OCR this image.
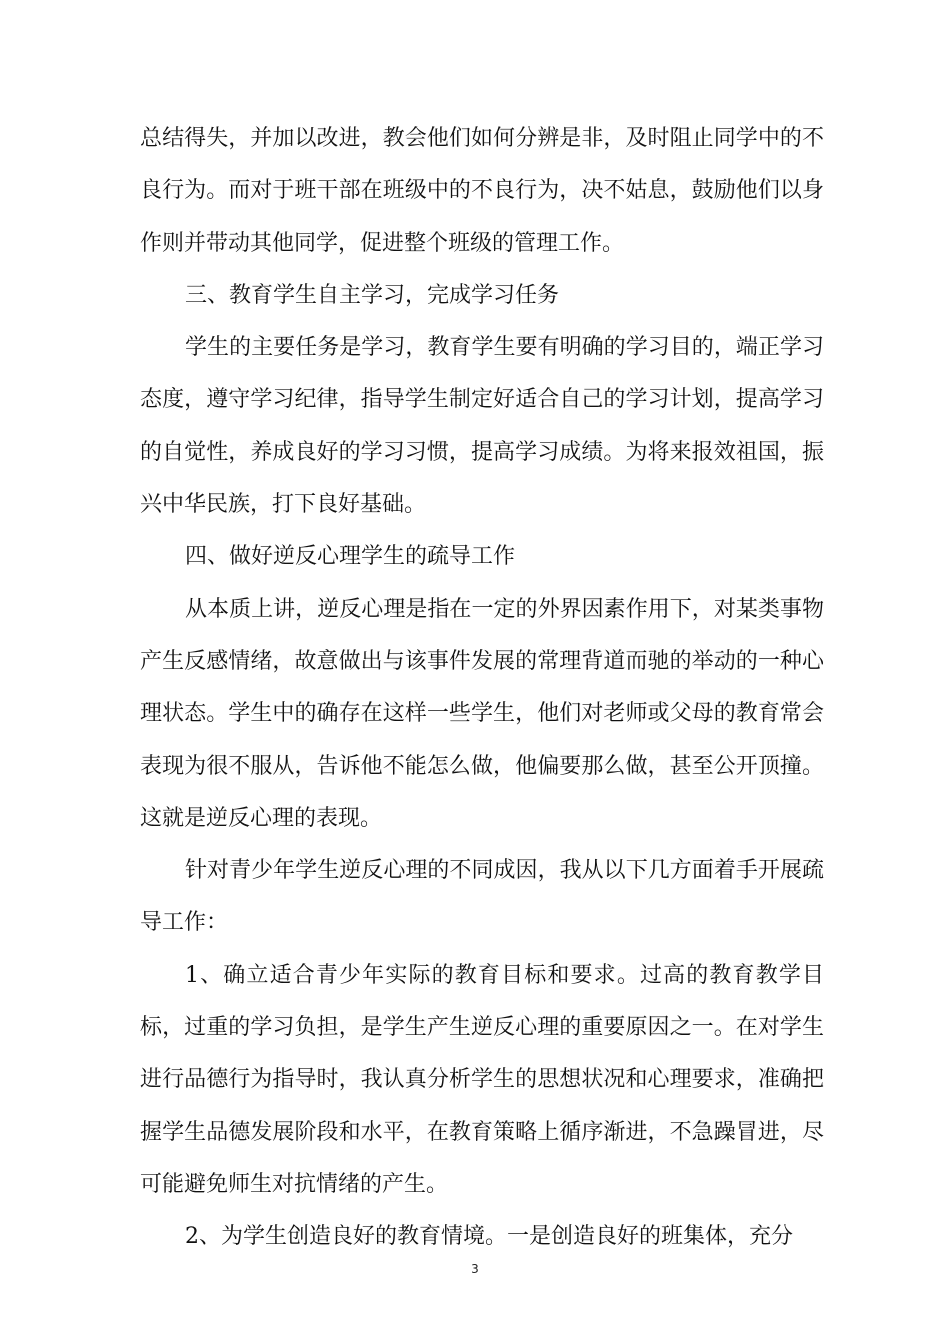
总结得失，并加以改进，教会他们如何分辨是非，及时阻止同学中的不良行为。而对于班干部在班级中的不良行为，决不姑息，鼓励他们以身作则并带动其他同学，促进整个班级的管理工作。

三、教育学生自主学习，完成学习任务

学生的主要任务是学习，教育学生要有明确的学习目的，端正学习态度，遵守学习纪律，指导学生制定好适合自己的学习计划，提高学习的自觉性，养成良好的学习习惯，提高学习成绩。为将来报效祖国，振兴中华民族，打下良好基础。

四、做好逆反心理学生的疏导工作

从本质上讲，逆反心理是指在一定的外界因素作用下，对某类事物产生反感情绪，故意做出与该事件发展的常理背道而驰的举动的一种心理状态。学生中的确存在这样一些学生，他们对老师或父母的教育常会表现为很不服从，告诉他不能怎么做，他偏要那么做，甚至公开顶撞。这就是逆反心理的表现。

针对青少年学生逆反心理的不同成因，我从以下几方面着手开展疏导工作：

1、确立适合青少年实际的教育目标和要求。过高的教育教学目标，过重的学习负担，是学生产生逆反心理的重要原因之一。在对学生进行品德行为指导时，我认真分析学生的思想状况和心理要求，准确把握学生品德发展阶段和水平，在教育策略上循序渐进，不急躁冒进，尽可能避免师生对抗情绪的产生。

2、为学生创造良好的教育情境。一是创造良好的班集体，充分

3
